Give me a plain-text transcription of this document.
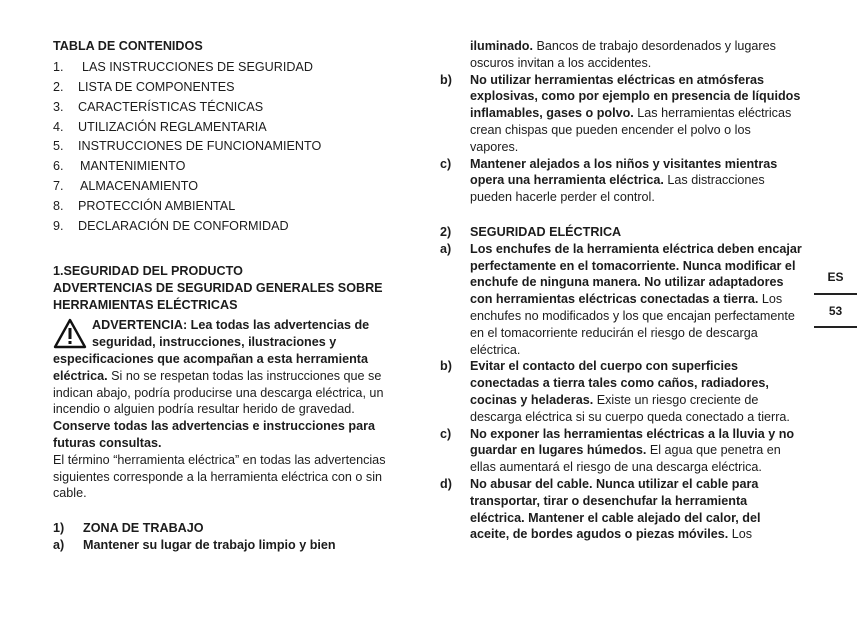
TABLA DE CONTENIDOS
1.	LAS INSTRUCCIONES DE SEGURIDAD
2.	LISTA DE COMPONENTES
3.	CARACTERÍSTICAS TÉCNICAS
4.	UTILIZACIÓN REGLAMENTARIA
5.	INSTRUCCIONES DE FUNCIONAMIENTO
6.	MANTENIMIENTO
7.	ALMACENAMIENTO
8.	PROTECCIÓN AMBIENTAL
9.	DECLARACIÓN DE CONFORMIDAD
1.SEGURIDAD DEL PRODUCTO
ADVERTENCIAS DE SEGURIDAD GENERALES SOBRE HERRAMIENTAS ELÉCTRICAS
ADVERTENCIA: Lea todas las advertencias de
seguridad, instrucciones, ilustraciones y
especificaciones que acompañan a esta herramienta eléctrica. Si no se respetan todas las instrucciones que se indican abajo, podría producirse una descarga eléctrica, un incendio o alguien podría resultar herido de gravedad.
Conserve todas las advertencias e instrucciones para futuras consultas.
El término “herramienta eléctrica” en todas las advertencias siguientes corresponde a la herramienta eléctrica con o sin cable.
1)	ZONA DE TRABAJO
a)	Mantener su lugar de trabajo limpio y bien
iluminado. Bancos de trabajo desordenados y lugares oscuros invitan a los accidentes.
b)	No utilizar herramientas eléctricas en atmósferas explosivas, como por ejemplo en presencia de líquidos inflamables, gases o polvo. Las herramientas eléctricas crean chispas que pueden encender el polvo o los vapores.
c)	Mantener alejados a los niños y visitantes mientras opera una herramienta eléctrica. Las distracciones pueden hacerle perder el control.
2)	SEGURIDAD ELÉCTRICA
a)	Los enchufes de la herramienta eléctrica deben encajar perfectamente en el tomacorriente. Nunca modificar el enchufe de ninguna manera. No utilizar adaptadores con herramientas eléctricas conectadas a tierra. Los enchufes no modificados y los que encajan perfectamente en el tomacorriente reducirán el riesgo de descarga eléctrica.
b)	Evitar el contacto del cuerpo con superficies conectadas a tierra tales como caños, radiadores, cocinas y heladeras. Existe un riesgo creciente de descarga eléctrica si su cuerpo queda conectado a tierra.
c)	No exponer las herramientas eléctricas a la lluvia y no guardar en lugares húmedos. El agua que penetra en ellas aumentará el riesgo de una descarga eléctrica.
d)	No abusar del cable. Nunca utilizar el cable para transportar, tirar o desenchufar la herramienta eléctrica. Mantener el cable alejado del calor, del aceite, de bordes agudos o piezas móviles. Los
ES
53
